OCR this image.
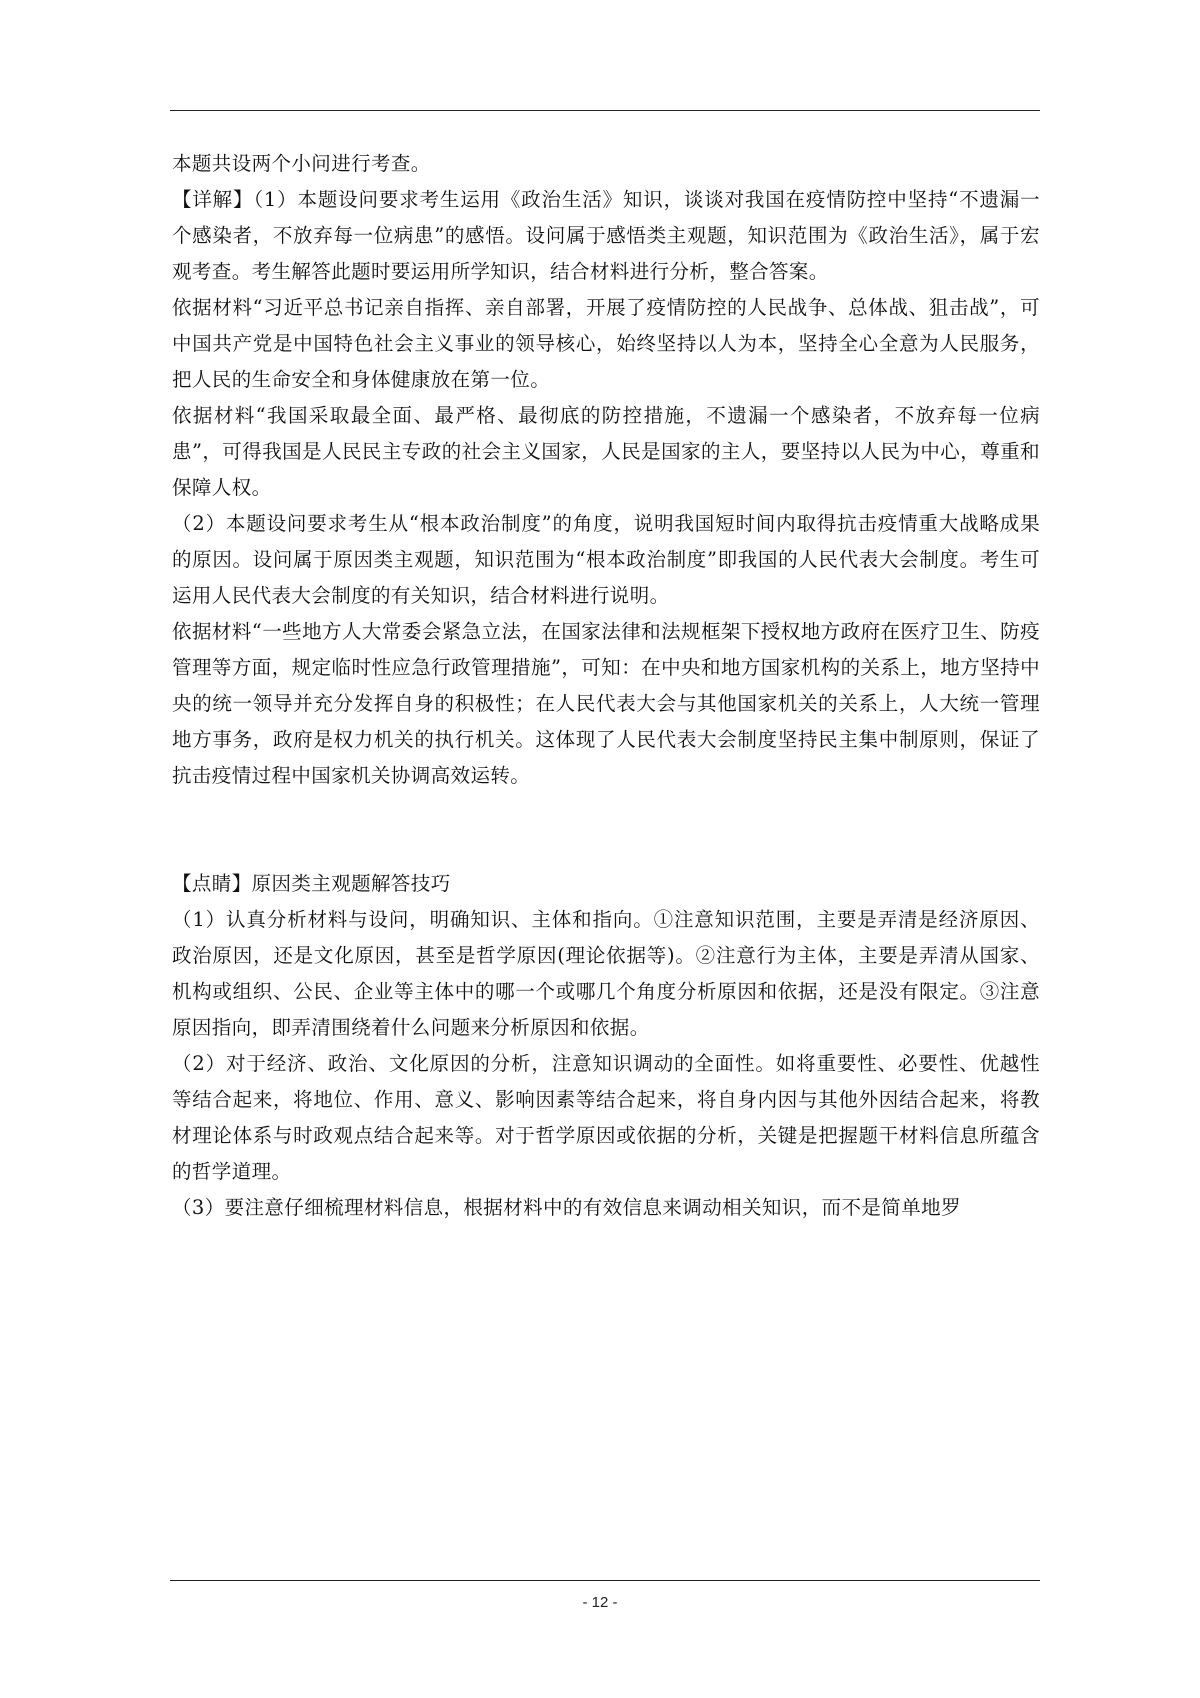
本题共设两个小问进行考查。

【详解】（1）本题设问要求考生运用《政治生活》知识，谈谈对我国在疫情防控中坚持“不遗漏一个感染者，不放弃每一位病患”的感悟。设问属于感悟类主观题，知识范围为《政治生活》，属于宏观考查。考生解答此题时要运用所学知识，结合材料进行分析，整合答案。

依据材料“习近平总书记亲自指挥、亲自部署，开展了疫情防控的人民战争、总体战、狙击战”，可中国共产党是中国特色社会主义事业的领导核心，始终坚持以人为本，坚持全心全意为人民服务，把人民的生命安全和身体健康放在第一位。

依据材料“我国采取最全面、最严格、最彻底的防控措施，不遗漏一个感染者，不放弃每一位病患”，可得我国是人民民主专政的社会主义国家，人民是国家的主人，要坚持以人民为中心，尊重和保障人权。

（2）本题设问要求考生从“根本政治制度”的角度，说明我国短时间内取得抗击疫情重大战略成果的原因。设问属于原因类主观题，知识范围为“根本政治制度”即我国的人民代表大会制度。考生可运用人民代表大会制度的有关知识，结合材料进行说明。

依据材料“一些地方人大常委会紧急立法，在国家法律和法规框架下授权地方政府在医疗卫生、防疫管理等方面，规定临时性应急行政管理措施”，可知：在中央和地方国家机构的关系上，地方坚持中央的统一领导并充分发挥自身的积极性；在人民代表大会与其他国家机关的关系上，人大统一管理地方事务，政府是权力机关的执行机关。这体现了人民代表大会制度坚持民主集中制原则，保证了抗击疫情过程中国家机关协调高效运转。

【点睛】原因类主观题解答技巧

（1）认真分析材料与设问，明确知识、主体和指向。①注意知识范围，主要是弄清是经济原因、政治原因，还是文化原因，甚至是哲学原因(理论依据等)。②注意行为主体，主要是弄清从国家、机构或组织、公民、企业等主体中的哪一个或哪几个角度分析原因和依据，还是没有限定。③注意原因指向，即弄清围绕着什么问题来分析原因和依据。

（2）对于经济、政治、文化原因的分析，注意知识调动的全面性。如将重要性、必要性、优越性等结合起来，将地位、作用、意义、影响因素等结合起来，将自身内因与其他外因结合起来，将教材理论体系与时政观点结合起来等。对于哲学原因或依据的分析，关键是把握题干材料信息所蕴含的哲学道理。

（3）要注意仔细梳理材料信息，根据材料中的有效信息来调动相关知识，而不是简单地罗

- 12 -
